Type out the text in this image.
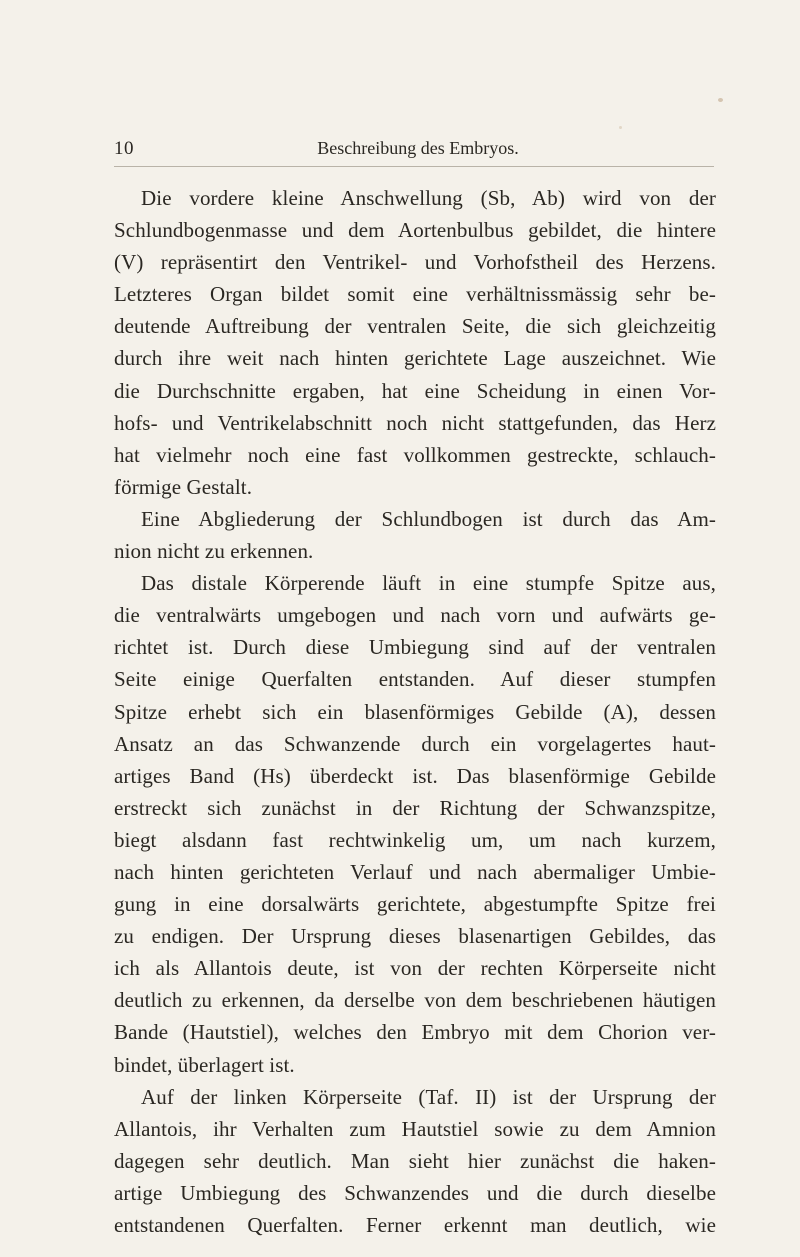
10	Beschreibung des Embryos.
Die vordere kleine Anschwellung (Sb, Ab) wird von der
Schlundbogenmasse und dem Aortenbulbus gebildet, die hintere
(V) repräsentirt den Ventrikel- und Vorhofstheil des Herzens.
Letzteres Organ bildet somit eine verhältnissmässig sehr be-
deutende Auftreibung der ventralen Seite, die sich gleichzeitig
durch ihre weit nach hinten gerichtete Lage auszeichnet. Wie
die Durchschnitte ergaben, hat eine Scheidung in einen Vor-
hofs- und Ventrikelabschnitt noch nicht stattgefunden, das Herz
hat vielmehr noch eine fast vollkommen gestreckte, schlauch-
förmige Gestalt.
Eine Abgliederung der Schlundbogen ist durch das Am-
nion nicht zu erkennen.
Das distale Körperende läuft in eine stumpfe Spitze aus,
die ventralwärts umgebogen und nach vorn und aufwärts ge-
richtet ist. Durch diese Umbiegung sind auf der ventralen
Seite einige Querfalten entstanden. Auf dieser stumpfen
Spitze erhebt sich ein blasenförmiges Gebilde (A), dessen
Ansatz an das Schwanzende durch ein vorgelagertes haut-
artiges Band (Hs) überdeckt ist. Das blasenförmige Gebilde
erstreckt sich zunächst in der Richtung der Schwanzspitze,
biegt alsdann fast rechtwinkelig um, um nach kurzem,
nach hinten gerichteten Verlauf und nach abermaliger Umbie-
gung in eine dorsalwärts gerichtete, abgestumpfte Spitze frei
zu endigen. Der Ursprung dieses blasenartigen Gebildes, das
ich als Allantois deute, ist von der rechten Körperseite nicht
deutlich zu erkennen, da derselbe von dem beschriebenen häutigen
Bande (Hautstiel), welches den Embryo mit dem Chorion ver-
bindet, überlagert ist.
Auf der linken Körperseite (Taf. II) ist der Ursprung der
Allantois, ihr Verhalten zum Hautstiel sowie zu dem Amnion
dagegen sehr deutlich. Man sieht hier zunächst die haken-
artige Umbiegung des Schwanzendes und die durch dieselbe
entstandenen Querfalten. Ferner erkennt man deutlich, wie
